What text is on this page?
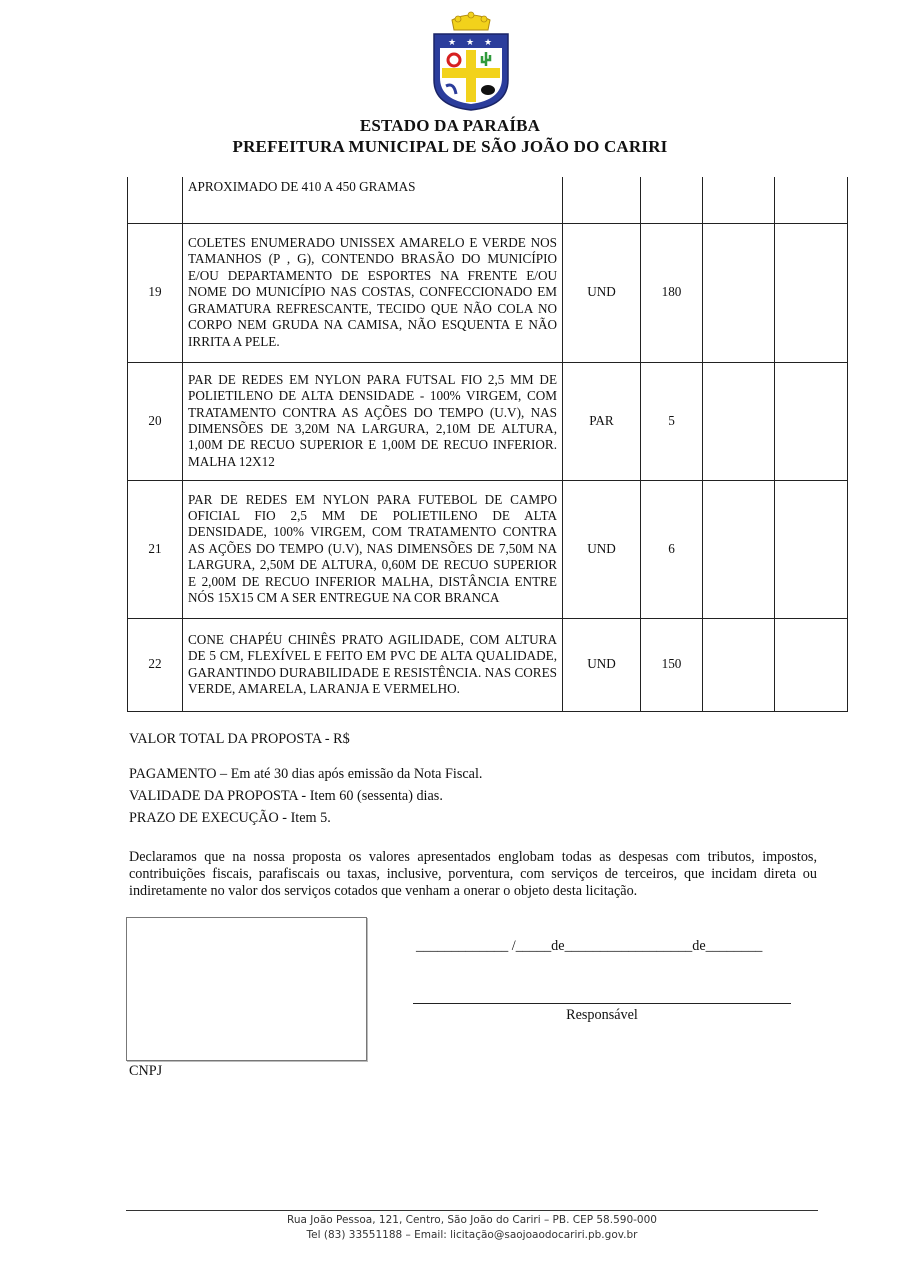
★ ★ ★
ESTADO DA PARAÍBA
PREFEITURA MUNICIPAL DE SÃO JOÃO DO CARIRI
	APROXIMADO DE 410 A 450 GRAMAS				
19	COLETES ENUMERADO UNISSEX AMARELO E VERDE NOS TAMANHOS (P , G), CONTENDO BRASÃO DO MUNICÍPIO E/OU DEPARTAMENTO DE ESPORTES NA FRENTE E/OU NOME DO MUNICÍPIO NAS COSTAS, CONFECCIONADO EM GRAMATURA REFRESCANTE, TECIDO QUE NÃO COLA NO CORPO NEM GRUDA NA CAMISA, NÃO ESQUENTA E NÃO IRRITA A PELE.	UND	180		
20	PAR DE REDES EM NYLON PARA FUTSAL FIO 2,5 MM DE POLIETILENO DE ALTA DENSIDADE - 100% VIRGEM, COM TRATAMENTO CONTRA AS AÇÕES DO TEMPO (U.V), NAS DIMENSÕES DE 3,20M NA LARGURA, 2,10M DE ALTURA, 1,00M DE RECUO SUPERIOR E 1,00M DE RECUO INFERIOR. MALHA 12X12	PAR	5		
21	PAR DE REDES EM NYLON PARA FUTEBOL DE CAMPO OFICIAL FIO 2,5 MM DE POLIETILENO DE ALTA DENSIDADE, 100% VIRGEM, COM TRATAMENTO CONTRA AS AÇÕES DO TEMPO (U.V), NAS DIMENSÕES DE 7,50M NA LARGURA, 2,50M DE ALTURA, 0,60M DE RECUO SUPERIOR E 2,00M DE RECUO INFERIOR MALHA, DISTÂNCIA ENTRE NÓS 15X15 CM A SER ENTREGUE NA COR BRANCA	UND	6		
22	CONE CHAPÉU CHINÊS PRATO AGILIDADE, COM ALTURA DE 5 CM, FLEXÍVEL E FEITO EM PVC DE ALTA QUALIDADE, GARANTINDO DURABILIDADE E RESISTÊNCIA. NAS CORES VERDE, AMARELA, LARANJA E VERMELHO.	UND	150		
VALOR TOTAL DA PROPOSTA - R$
PAGAMENTO – Em até 30 dias após emissão da Nota Fiscal.
VALIDADE DA PROPOSTA - Item 60 (sessenta) dias.
PRAZO DE EXECUÇÃO - Item 5.
Declaramos que na nossa proposta os valores apresentados englobam todas as despesas com tributos, impostos, contribuições fiscais, parafiscais ou taxas, inclusive, porventura, com serviços de terceiros, que incidam direta ou indiretamente no valor dos serviços cotados que venham a onerar o objeto desta licitação.
CNPJ
_____________ /_____de__________________de________
Responsável
Rua João Pessoa, 121, Centro, São João do Cariri – PB. CEP 58.590-000
Tel (83) 33551188 – Email: licitação@saojoaodocariri.pb.gov.br
